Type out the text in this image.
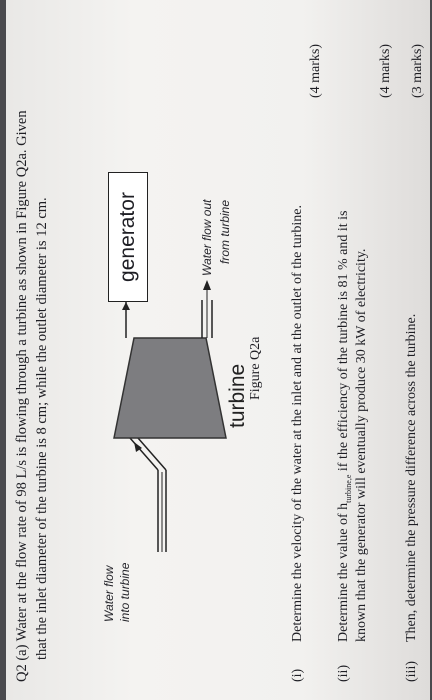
Q2 (a) Water at the flow rate of 98 L/s is flowing through a turbine as shown in Figure Q2a. Given that the inlet diameter of the turbine is 8 cm; while the outlet diameter is 12 cm.	Water flow into turbine
turbine
generator	Water flow out from turbine
Figure Q2a
(i)
Determine the velocity of the water at the inlet and at the outlet of the turbine.
(4 marks)
(ii)
Determine the value of $h_{turbine,e}$ if the efficiency of the turbine is 81 % and it is known that the generator will eventually produce 30 kW of electricity.
(4 marks)
(iii)
Then, determine the pressure difference across the turbine.
(3 marks)
